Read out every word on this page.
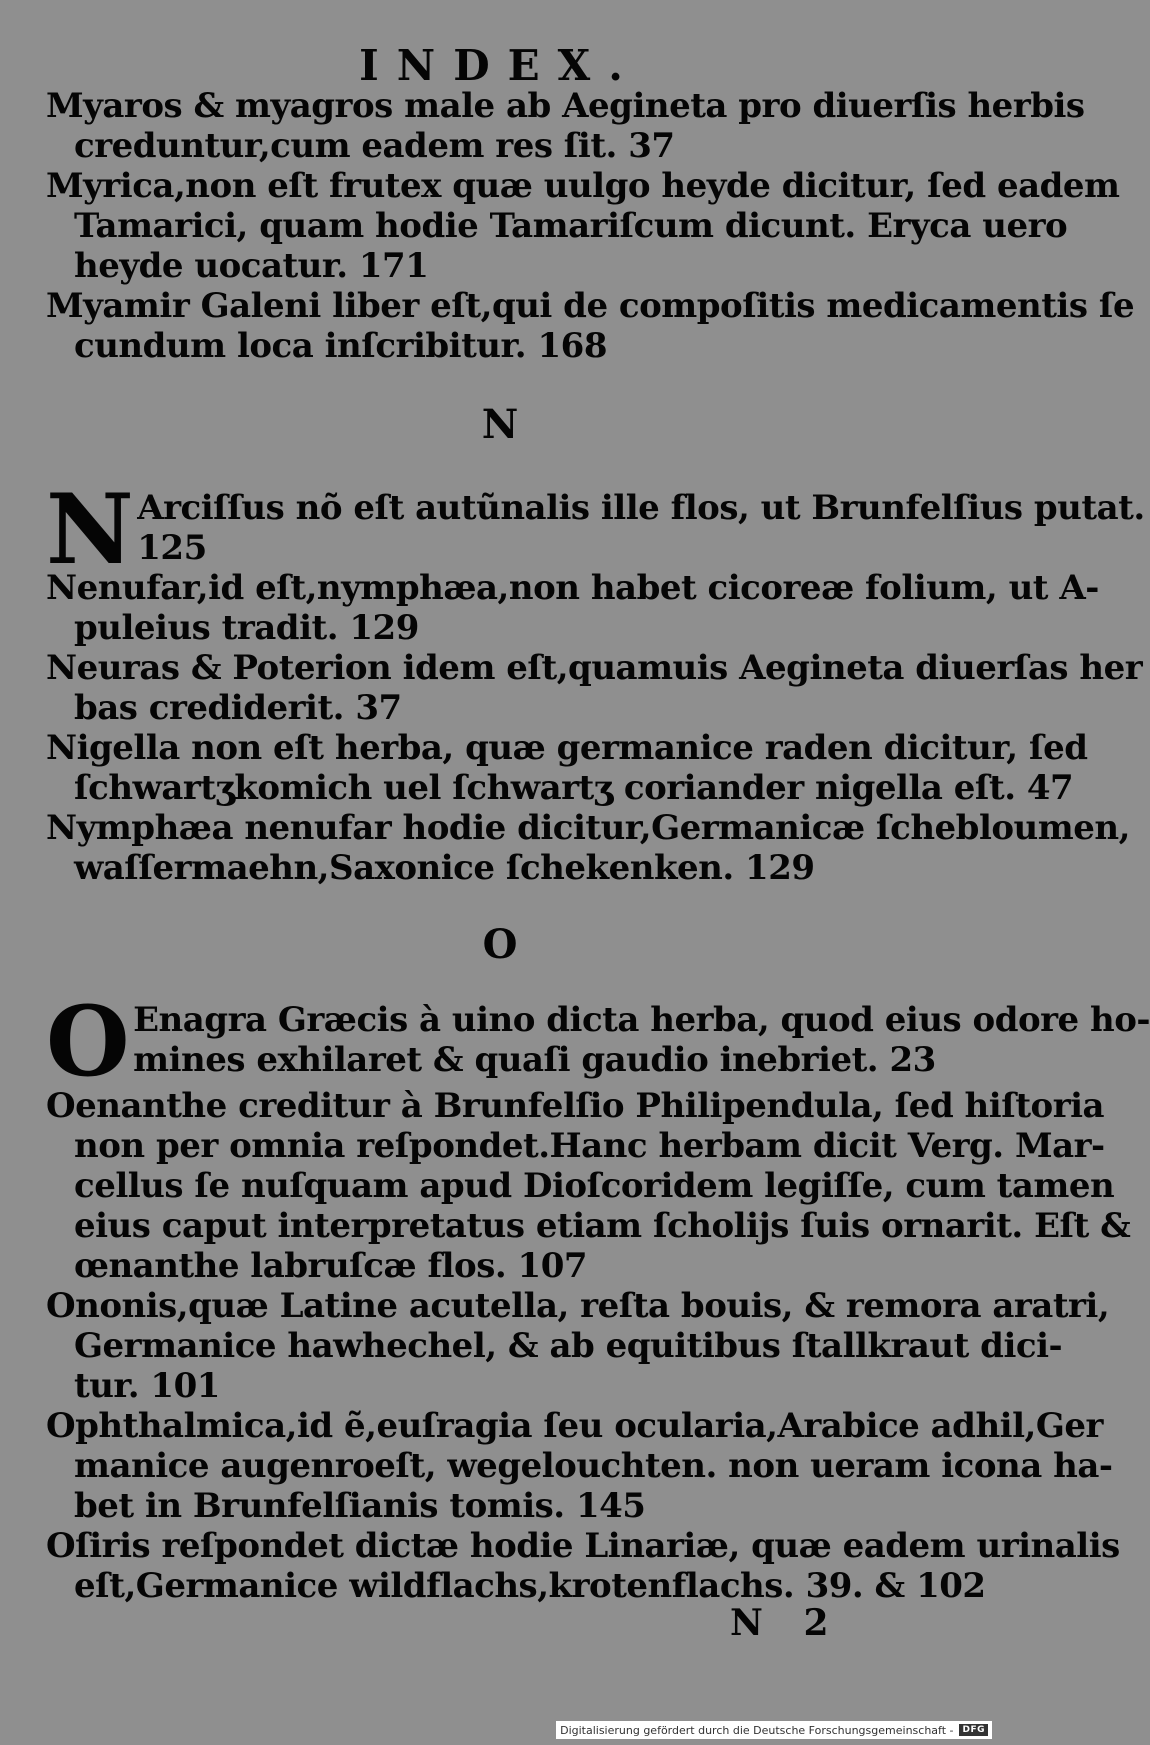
INDEX.
Myaros & myagros male ab Aegineta pro diuerſis herbis
creduntur,cum eadem res ſit. 37
Myrica,non eſt frutex quæ uulgo heyde dicitur, ſed eadem
Tamarici, quam hodie Tamariſcum dicunt. Eryca uero
heyde uocatur. 171
Myamir Galeni liber eſt,qui de compoſitis medicamentis ſe
cundum loca inſcribitur. 168
N
N Arciſſus nõ eſt autũnalis ille flos, ut Brunfelſius putat.
125
Nenufar,id eſt,nymphæa,non habet cicoreæ folium, ut A-
puleius tradit. 129
Neuras & Poterion idem eſt,quamuis Aegineta diuerſas her
bas crediderit. 37
Nigella non eſt herba, quæ germanice raden dicitur, ſed
ſchwartʒkomich uel ſchwartʒ coriander nigella eſt. 47
Nymphæa nenufar hodie dicitur,Germanicæ ſchebloumen,
waſſermaehn,Saxonice ſchekenken. 129
O
O Enagra Græcis à uino dicta herba, quod eius odore ho-
mines exhilaret & quaſi gaudio inebriet. 23
Oenanthe creditur à Brunfelſio Philipendula, ſed hiſtoria
non per omnia reſpondet.Hanc herbam dicit Verg. Mar-
cellus ſe nuſquam apud Dioſcoridem legiſſe, cum tamen
eius caput interpretatus etiam ſcholijs ſuis ornarit. Eſt &
œnanthe labruſcæ flos. 107
Ononis,quæ Latine acutella, reſta bouis, & remora aratri,
Germanice hawhechel, & ab equitibus ſtallkraut dici-
tur. 101
Ophthalmica,id ẽ,euſragia ſeu ocularia,Arabice adhil,Ger
manice augenroeſt, wegelouchten. non ueram icona ha-
bet in Brunfelſianis tomis. 145
Oſiris reſpondet dictæ hodie Linariæ, quæ eadem urinalis
eſt,Germanice wildflachs,krotenflachs. 39. & 102
N 2
Digitalisierung gefördert durch die Deutsche Forschungsgemeinschaft -	DFG
